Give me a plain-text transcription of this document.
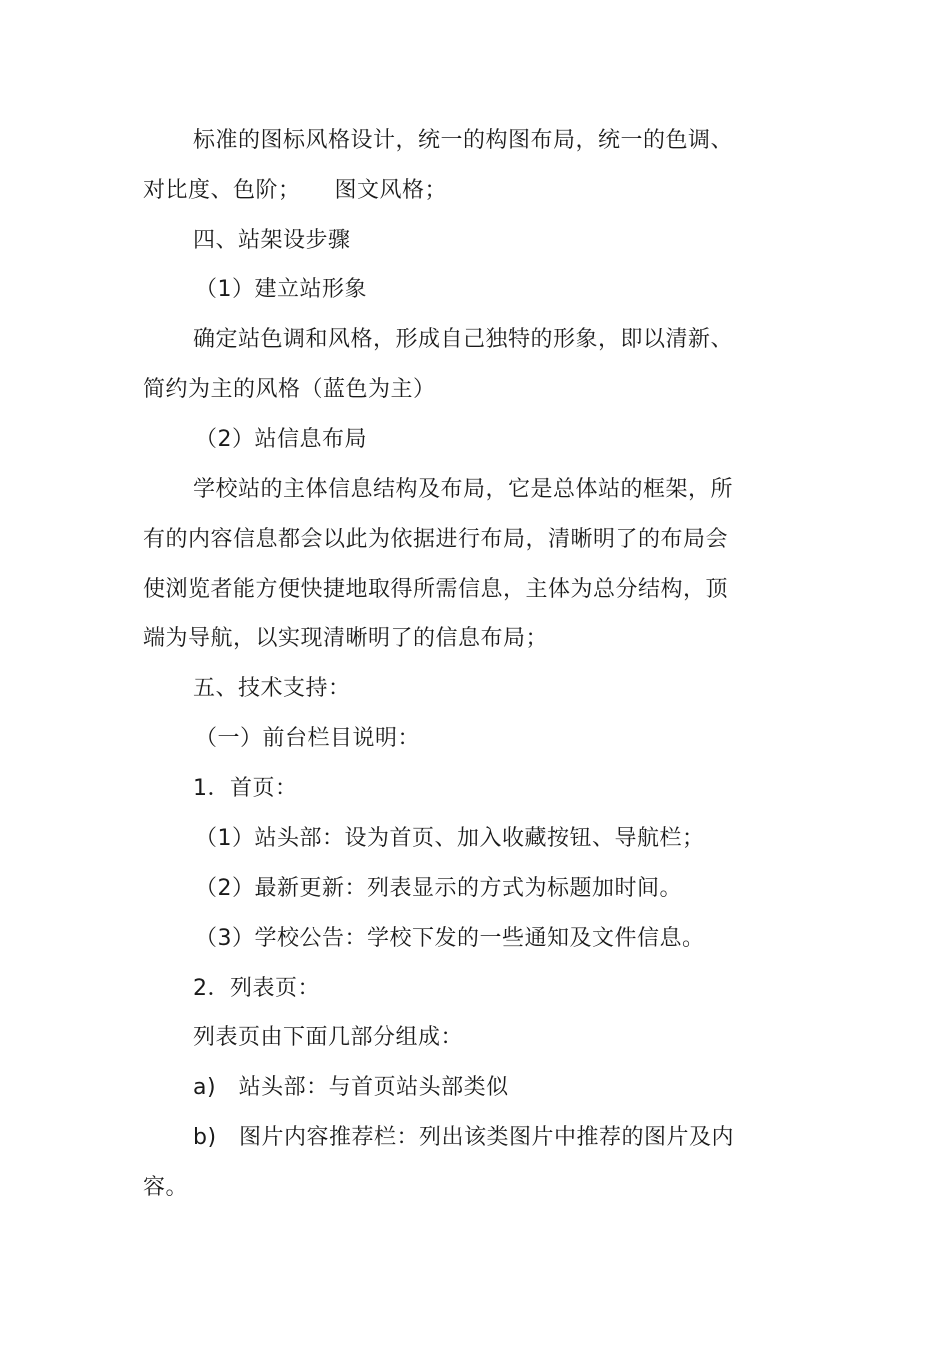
标准的图标风格设计，统一的构图布局，统一的色调、
对比度、色阶；　　图文风格；
四、站架设步骤
（1）建立站形象
确定站色调和风格，形成自己独特的形象，即以清新、
简约为主的风格（蓝色为主）
（2）站信息布局
学校站的主体信息结构及布局，它是总体站的框架，所
有的内容信息都会以此为依据进行布局，清晰明了的布局会
使浏览者能方便快捷地取得所需信息，主体为总分结构，顶
端为导航，以实现清晰明了的信息布局；
五、技术支持：
（一）前台栏目说明：
1．首页：
（1）站头部：设为首页、加入收藏按钮、导航栏；
（2）最新更新：列表显示的方式为标题加时间。
（3）学校公告：学校下发的一些通知及文件信息。
2．列表页：
列表页由下面几部分组成：
a)　站头部：与首页站头部类似
b)　图片内容推荐栏：列出该类图片中推荐的图片及内
容。
